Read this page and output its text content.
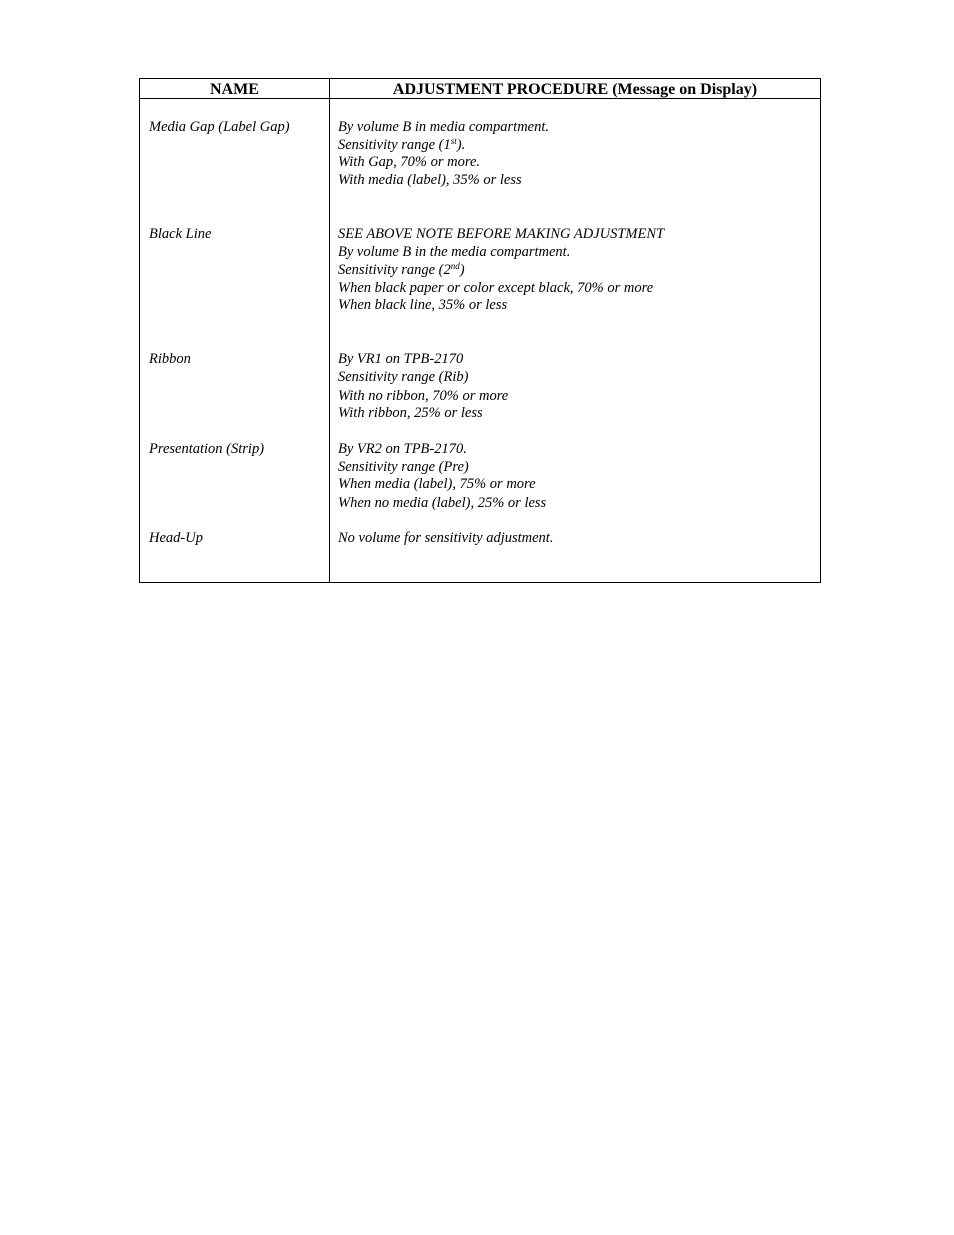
NAME	ADJUSTMENT PROCEDURE (Message on Display)
Media Gap (Label Gap)	By volume B in media compartment.
Sensitivity range (1st).
With Gap, 70% or more.
With media (label), 35% or less
Black Line	SEE ABOVE NOTE BEFORE MAKING ADJUSTMENT
By volume B in the media compartment.
Sensitivity range (2nd)
When black paper or color except black, 70% or more
When black line, 35% or less
Ribbon	By VR1 on TPB-2170
Sensitivity range (Rib)
With no ribbon, 70% or more
With ribbon, 25% or less
Presentation (Strip)	By VR2 on TPB-2170.
Sensitivity range (Pre)
When media (label), 75% or more
When no media (label), 25% or less
Head-Up	No volume for sensitivity adjustment.
